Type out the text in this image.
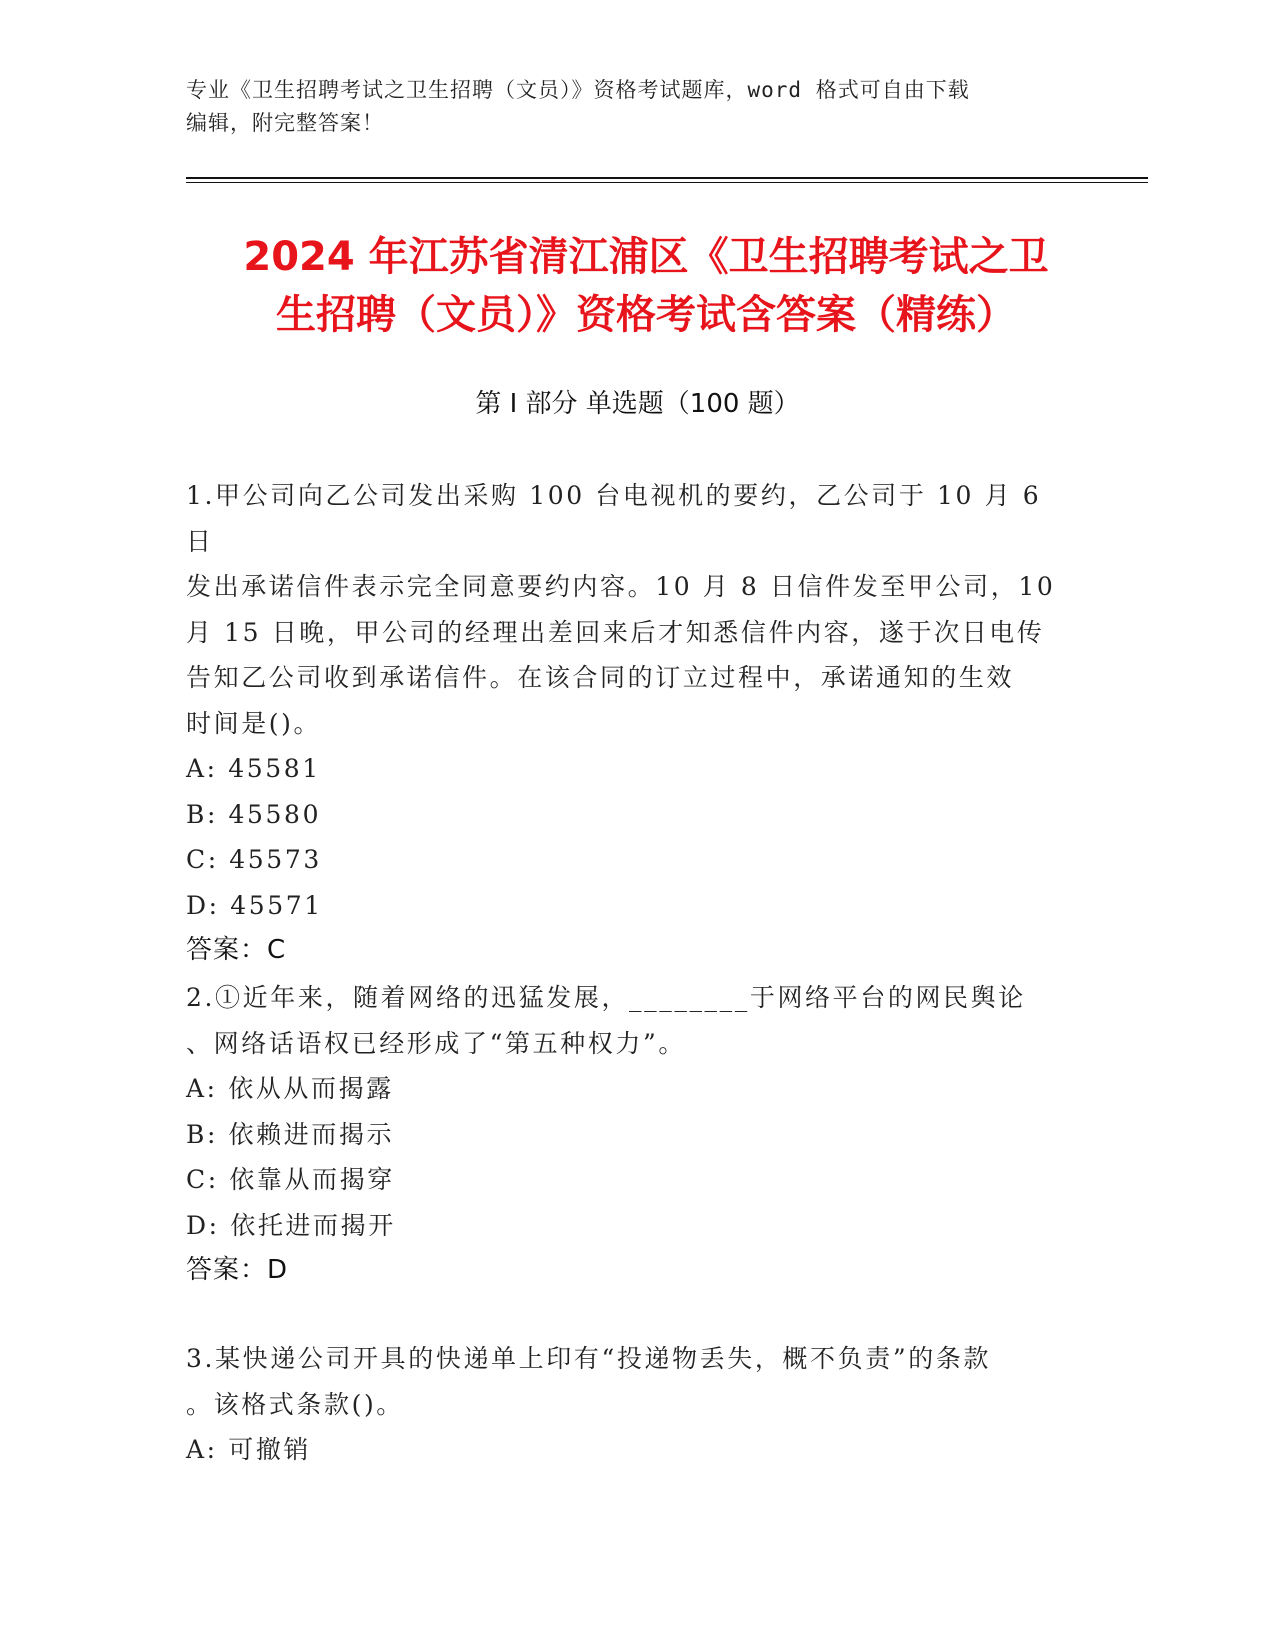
专业《卫生招聘考试之卫生招聘（文员）》资格考试题库，word 格式可自由下载
编辑，附完整答案！
2024 年江苏省清江浦区《卫生招聘考试之卫
生招聘（文员）》资格考试含答案（精练）
第 I 部分 单选题（100 题）

1.甲公司向乙公司发出采购 100 台电视机的要约，乙公司于 10 月 6 日

发出承诺信件表示完全同意要约内容。10 月 8 日信件发至甲公司，10

月 15 日晚，甲公司的经理出差回来后才知悉信件内容，遂于次日电传

告知乙公司收到承诺信件。在该合同的订立过程中，承诺通知的生效

时间是()。

A: 45581

B: 45580

C: 45573

D: 45571

答案：C

2.①近年来，随着网络的迅猛发展，________于网络平台的网民舆论

、网络话语权已经形成了“第五种权力”。

A: 依从从而揭露

B: 依赖进而揭示

C: 依靠从而揭穿

D: 依托进而揭开

答案：D

3.某快递公司开具的快递单上印有“投递物丢失，概不负责”的条款

。该格式条款()。

A: 可撤销
